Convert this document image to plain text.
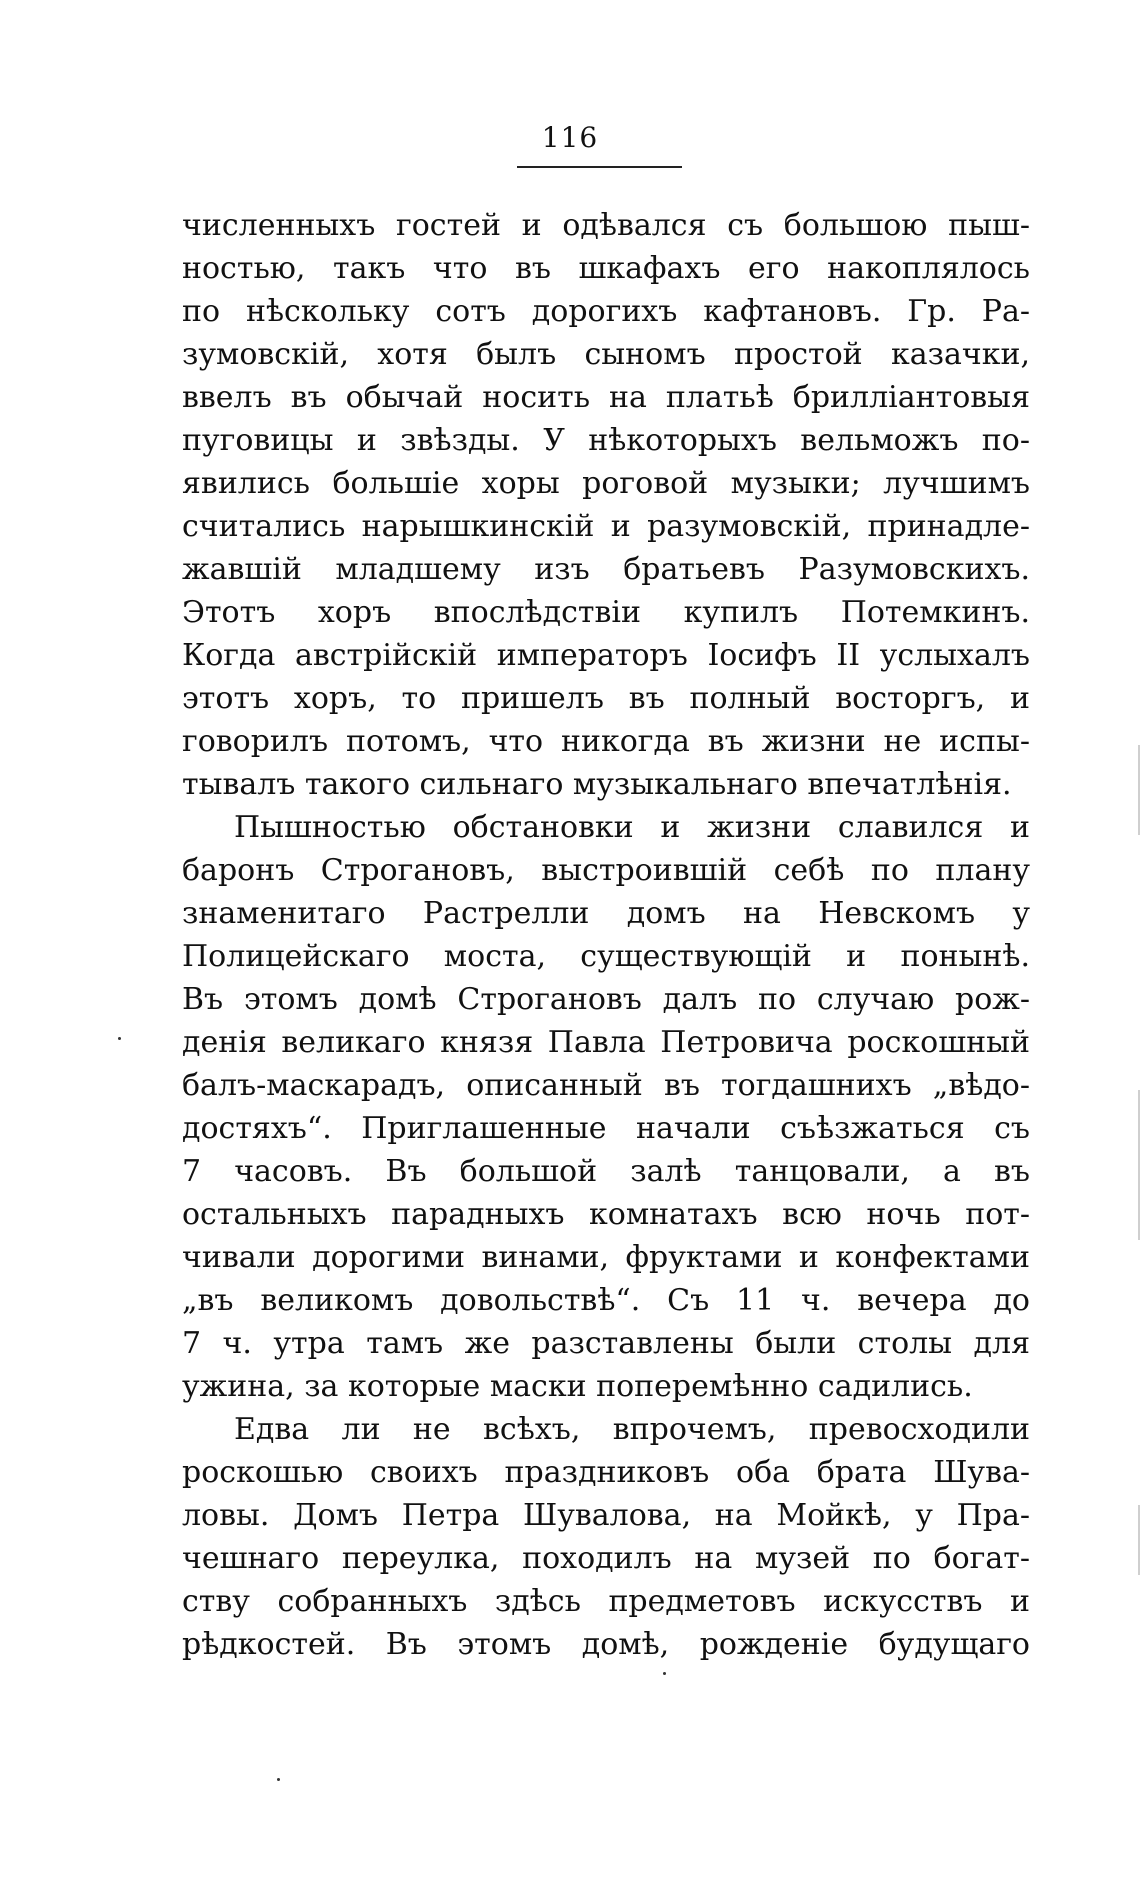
116
численныхъ гостей и одѣвался съ большою пыш-
ностью, такъ что въ шкафахъ его накоплялось
по нѣскольку сотъ дорогихъ кафтановъ. Гр. Ра-
зумовскій, хотя былъ сыномъ простой казачки,
ввелъ въ обычай носить на платьѣ бриллiантовыя
пуговицы и звѣзды. У нѣкоторыхъ вельможъ по-
явились большіе хоры роговой музыки; лучшимъ
считались нарышкинскій и разумовскій, принадле-
жавшій младшему изъ братьевъ Разумовскихъ.
Этотъ хоръ впослѣдствіи купилъ Потемкинъ.
Когда австрійскій императоръ Іосифъ II услыхалъ
этотъ хоръ, то пришелъ въ полный восторгъ, и
говорилъ потомъ, что никогда въ жизни не испы-
тывалъ такого сильнаго музыкальнаго впечатлѣнія.
Пышностью обстановки и жизни славился и
баронъ Строгановъ, выстроившій себѣ по плану
знаменитаго Растрелли домъ на Невскомъ у
Полицейскаго моста, существующій и понынѣ.
Въ этомъ домѣ Строгановъ далъ по случаю рож-
денія великаго князя Павла Петровича роскошный
балъ-маскарадъ, описанный въ тогдашнихъ „вѣдо-
достяхъ“. Приглашенные начали съѣзжаться съ
7 часовъ. Въ большой залѣ танцовали, а въ
остальныхъ парадныхъ комнатахъ всю ночь пот-
чивали дорогими винами, фруктами и конфектами
„въ великомъ довольствѣ“. Съ 11 ч. вечера до
7 ч. утра тамъ же разставлены были столы для
ужина, за которые маски поперемѣнно садились.
Едва ли не всѣхъ, впрочемъ, превосходили
роскошью своихъ праздниковъ оба брата Шува-
ловы. Домъ Петра Шувалова, на Мойкѣ, у Пра-
чешнаго переулка, походилъ на музей по богат-
ству собранныхъ здѣсь предметовъ искусствъ и
рѣдкостей. Въ этомъ домѣ, рожденіе будущаго
